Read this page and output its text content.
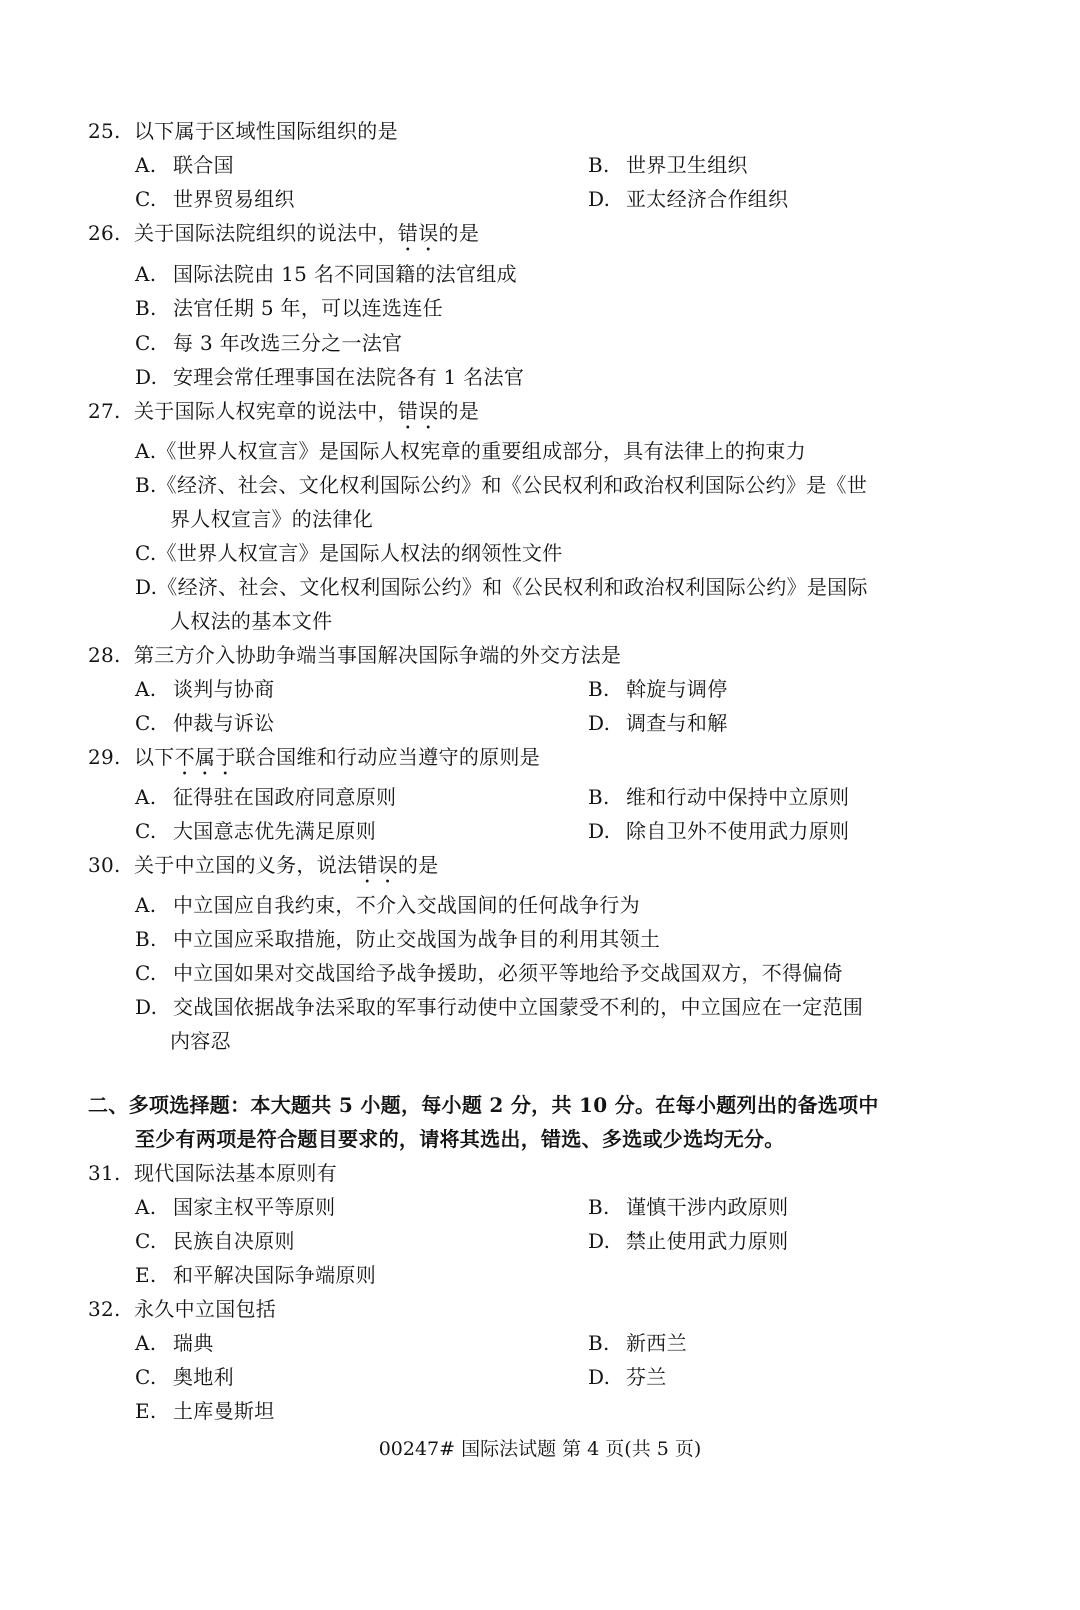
25. 以下属于区域性国际组织的是
A. 联合国	B. 世界卫生组织
C. 世界贸易组织	D. 亚太经济合作组织
26. 关于国际法院组织的说法中，错误的是
A. 国际法院由 15 名不同国籍的法官组成
B. 法官任期 5 年，可以连选连任
C. 每 3 年改选三分之一法官
D. 安理会常任理事国在法院各有 1 名法官
27. 关于国际人权宪章的说法中，错误的是
A.《世界人权宣言》是国际人权宪章的重要组成部分，具有法律上的拘束力
B.《经济、社会、文化权利国际公约》和《公民权利和政治权利国际公约》是《世
界人权宣言》的法律化
C.《世界人权宣言》是国际人权法的纲领性文件
D.《经济、社会、文化权利国际公约》和《公民权利和政治权利国际公约》是国际
人权法的基本文件
28. 第三方介入协助争端当事国解决国际争端的外交方法是
A. 谈判与协商	B. 斡旋与调停
C. 仲裁与诉讼	D. 调查与和解
29. 以下不属于联合国维和行动应当遵守的原则是
A. 征得驻在国政府同意原则	B. 维和行动中保持中立原则
C. 大国意志优先满足原则	D. 除自卫外不使用武力原则
30. 关于中立国的义务，说法错误的是
A. 中立国应自我约束，不介入交战国间的任何战争行为
B. 中立国应采取措施，防止交战国为战争目的利用其领土
C. 中立国如果对交战国给予战争援助，必须平等地给予交战国双方，不得偏倚
D. 交战国依据战争法采取的军事行动使中立国蒙受不利的，中立国应在一定范围
内容忍
二、多项选择题：本大题共 5 小题，每小题 2 分，共 10 分。在每小题列出的备选项中
至少有两项是符合题目要求的，请将其选出，错选、多选或少选均无分。
31. 现代国际法基本原则有
A. 国家主权平等原则	B. 谨慎干涉内政原则
C. 民族自决原则	D. 禁止使用武力原则
E. 和平解决国际争端原则
32. 永久中立国包括
A. 瑞典	B. 新西兰
C. 奥地利	D. 芬兰
E. 土库曼斯坦
00247# 国际法试题 第 4 页(共 5 页)
